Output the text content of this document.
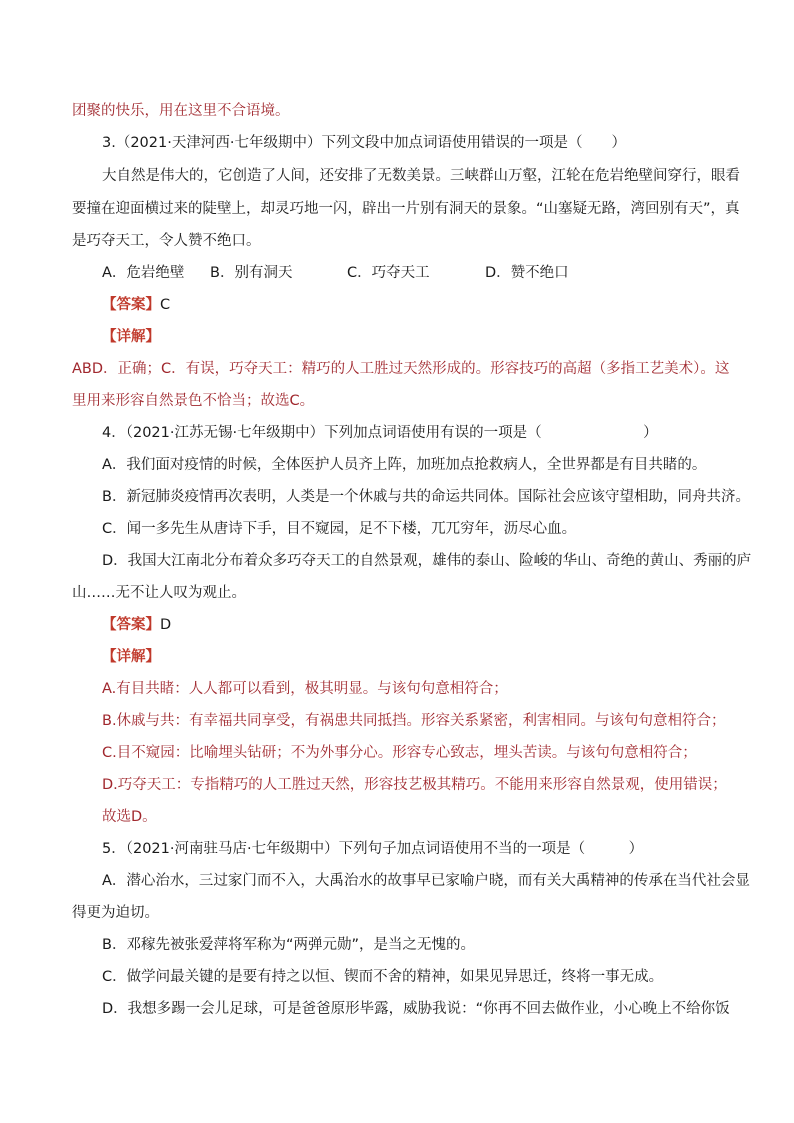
团聚的快乐，用在这里不合语境。
3.（2021·天津河西·七年级期中）下列文段中加点词语使用错误的一项是（　　）
大自然是伟大的，它创造了人间，还安排了无数美景。三峡群山万壑，江轮在危岩绝壁间穿行，眼看
要撞在迎面横过来的陡壁上，却灵巧地一闪，辟出一片别有洞天的景象。“山塞疑无路，湾回别有天”，真
是巧夺天工，令人赞不绝口。
A．危岩绝壁 B．别有洞天	C．巧夺天工	D．赞不绝口
【答案】C
【详解】
ABD．正确；C．有误，巧夺天工：精巧的人工胜过天然形成的。形容技巧的高超（多指工艺美术）。这
里用来形容自然景色不恰当；故选C。
4．（2021·江苏无锡·七年级期中）下列加点词语使用有误的一项是（　　　　　　　）
A．我们面对疫情的时候，全体医护人员齐上阵，加班加点抢救病人，全世界都是有目共睹的。
B．新冠肺炎疫情再次表明，人类是一个休戚与共的命运共同体。国际社会应该守望相助，同舟共济。
C．闻一多先生从唐诗下手，目不窥园，足不下楼，兀兀穷年，沥尽心血。
D．我国大江南北分布着众多巧夺天工的自然景观，雄伟的泰山、险峻的华山、奇绝的黄山、秀丽的庐
山……无不让人叹为观止。
【答案】D
【详解】
A.有目共睹：人人都可以看到，极其明显。与该句句意相符合；
B.休戚与共：有幸福共同享受，有祸患共同抵挡。形容关系紧密，利害相同。与该句句意相符合；
C.目不窥园：比喻埋头钻研；不为外事分心。形容专心致志，埋头苦读。与该句句意相符合；
D.巧夺天工：专指精巧的人工胜过天然，形容技艺极其精巧。不能用来形容自然景观，使用错误；
故选D。
5．（2021·河南驻马店·七年级期中）下列句子加点词语使用不当的一项是（　　　）
A．潜心治水，三过家门而不入，大禹治水的故事早已家喻户晓，而有关大禹精神的传承在当代社会显
得更为迫切。
B．邓稼先被张爱萍将军称为“两弹元勋”，是当之无愧的。
C．做学问最关键的是要有持之以恒、锲而不舍的精神，如果见异思迁，终将一事无成。
D．我想多踢一会儿足球，可是爸爸原形毕露，威胁我说：“你再不回去做作业，小心晚上不给你饭
